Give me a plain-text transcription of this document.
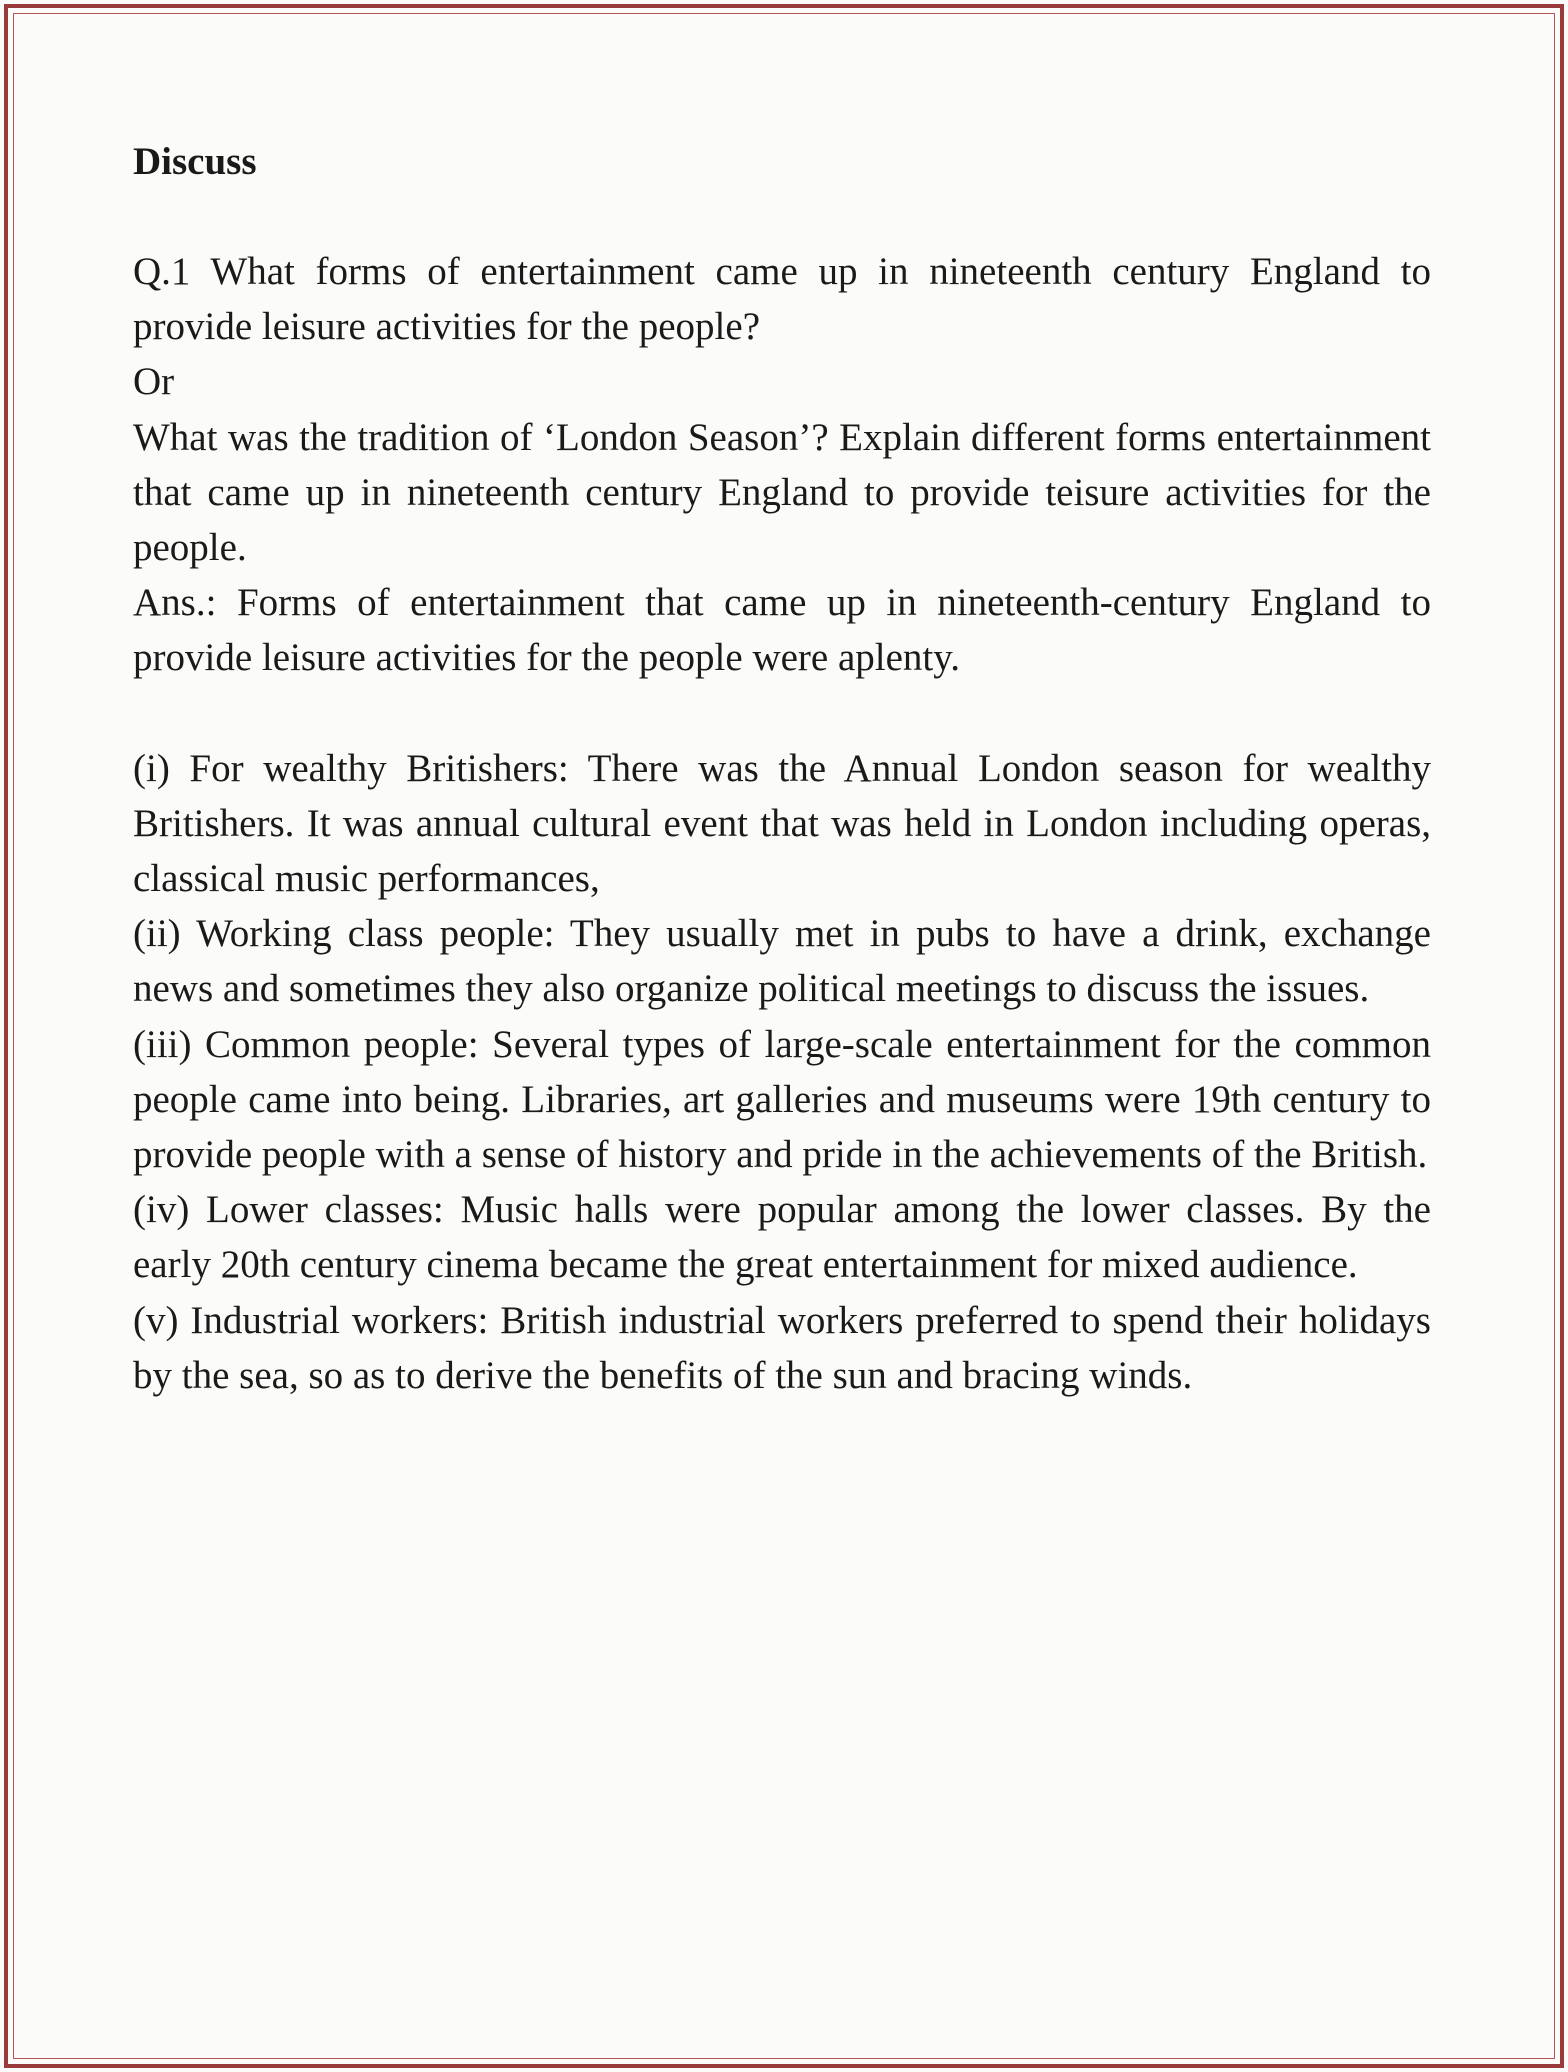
Discuss

Q.1 What forms of entertainment came up in nineteenth century England to provide leisure activities for the people?

Or

What was the tradition of ‘London Season’? Explain different forms entertainment that came up in nineteenth century England to provide teisure activities for the people.

Ans.: Forms of entertainment that came up in nineteenth-century England to provide leisure activities for the people were aplenty.

(i) For wealthy Britishers: There was the Annual London season for wealthy Britishers. It was annual cultural event that was held in London including operas, classical music performances,

(ii) Working class people: They usually met in pubs to have a drink, exchange news and sometimes they also organize political meetings to discuss the issues.

(iii) Common people: Several types of large-scale entertainment for the common people came into being. Libraries, art galleries and museums were 19th century to provide people with a sense of history and pride in the achievements of the British.

(iv) Lower classes: Music halls were popular among the lower classes. By the early 20th century cinema became the great entertainment for mixed audience.

(v) Industrial workers: British industrial workers preferred to spend their holidays by the sea, so as to derive the benefits of the sun and bracing winds.
